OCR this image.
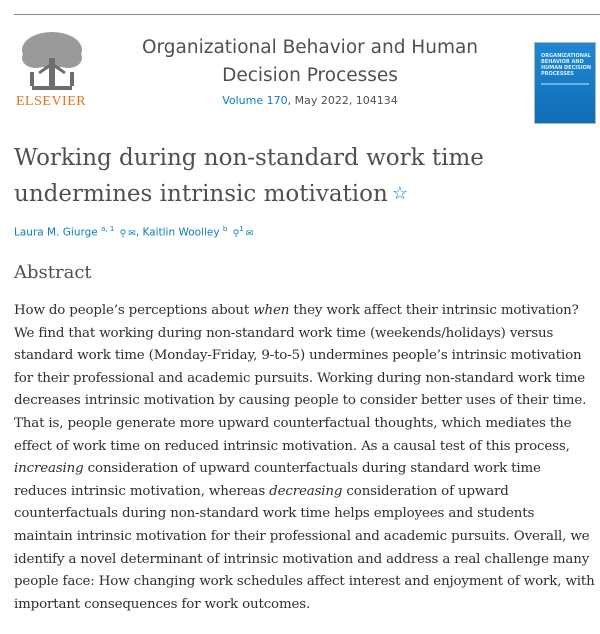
ELSEVIER
Organizational Behavior and Human Decision Processes
Volume 170, May 2022, 104134
ORGANIZATIONAL BEHAVIOR AND HUMAN DECISION PROCESSES
Working during non-standard work time undermines intrinsic motivation ☆
Laura M. Giurge $^{a, 1}$ ⚲ ✉, Kaitlin Woolley $^b$ ⚲$^1$ ✉
Abstract

How do people’s perceptions about when they work affect their intrinsic motivation? We find that working during non-standard work time (weekends/holidays) versus standard work time (Monday-Friday, 9-to-5) undermines people’s intrinsic motivation for their professional and academic pursuits. Working during non-standard work time decreases intrinsic motivation by causing people to consider better uses of their time. That is, people generate more upward counterfactual thoughts, which mediates the effect of work time on reduced intrinsic motivation. As a causal test of this process, increasing consideration of upward counterfactuals during standard work time reduces intrinsic motivation, whereas decreasing consideration of upward counterfactuals during non-standard work time helps employees and students maintain intrinsic motivation for their professional and academic pursuits. Overall, we identify a novel determinant of intrinsic motivation and address a real challenge many people face: How changing work schedules affect interest and enjoyment of work, with important consequences for work outcomes.
